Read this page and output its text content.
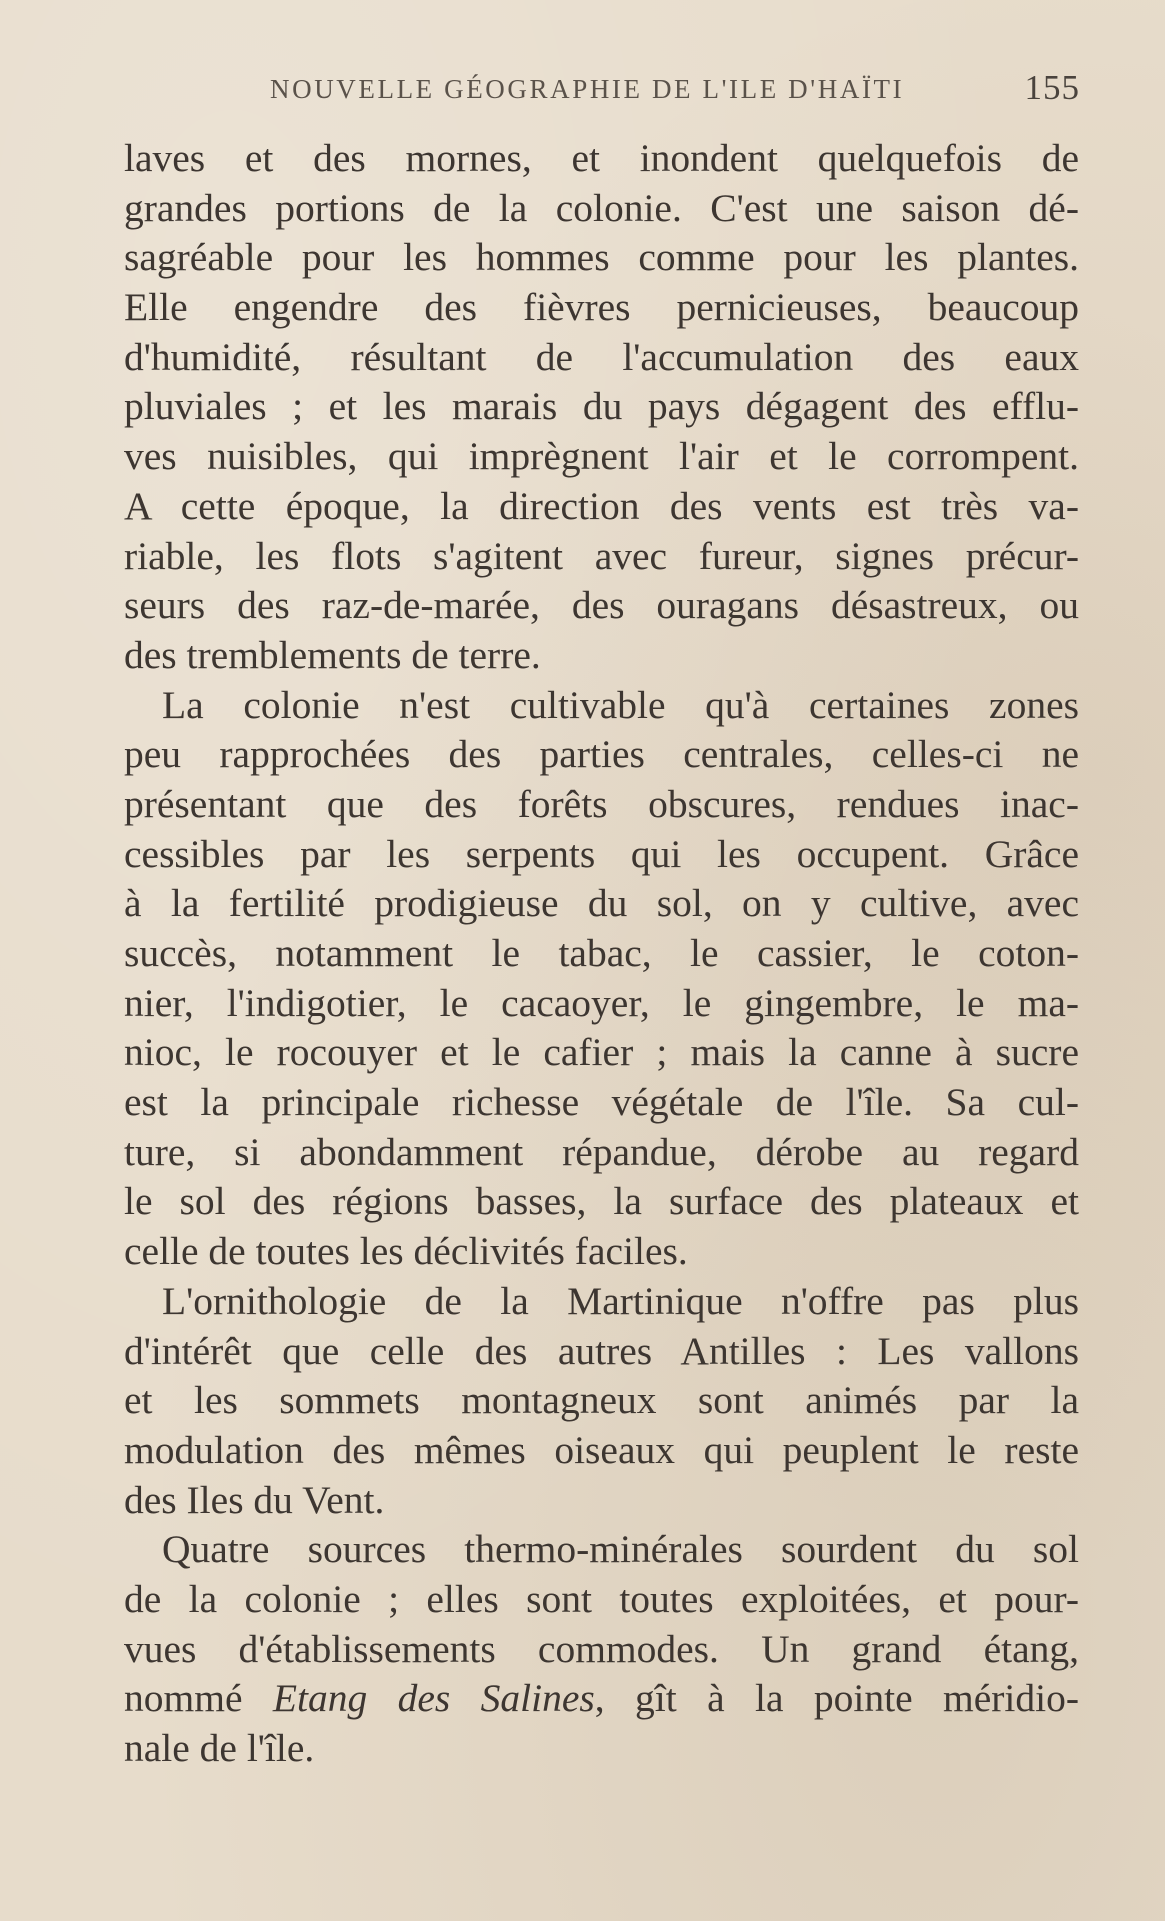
NOUVELLE GÉOGRAPHIE DE L'ILE D'HAÏTI	155
laves et des mornes, et inondent quelquefois de
grandes portions de la colonie. C'est une saison dé-
sagréable pour les hommes comme pour les plantes.
Elle engendre des fièvres pernicieuses, beaucoup
d'humidité, résultant de l'accumulation des eaux
pluviales ; et les marais du pays dégagent des efflu-
ves nuisibles, qui imprègnent l'air et le corrompent.
A cette époque, la direction des vents est très va-
riable, les flots s'agitent avec fureur, signes précur-
seurs des raz-de-marée, des ouragans désastreux, ou
des tremblements de terre.
La colonie n'est cultivable qu'à certaines zones
peu rapprochées des parties centrales, celles-ci ne
présentant que des forêts obscures, rendues inac-
cessibles par les serpents qui les occupent. Grâce
à la fertilité prodigieuse du sol, on y cultive, avec
succès, notamment le tabac, le cassier, le coton-
nier, l'indigotier, le cacaoyer, le gingembre, le ma-
nioc, le rocouyer et le cafier ; mais la canne à sucre
est la principale richesse végétale de l'île. Sa cul-
ture, si abondamment répandue, dérobe au regard
le sol des régions basses, la surface des plateaux et
celle de toutes les déclivités faciles.
L'ornithologie de la Martinique n'offre pas plus
d'intérêt que celle des autres Antilles : Les vallons
et les sommets montagneux sont animés par la
modulation des mêmes oiseaux qui peuplent le reste
des Iles du Vent.
Quatre sources thermo-minérales sourdent du sol
de la colonie ; elles sont toutes exploitées, et pour-
vues d'établissements commodes. Un grand étang,
nommé Etang des Salines, gît à la pointe méridio-
nale de l'île.
